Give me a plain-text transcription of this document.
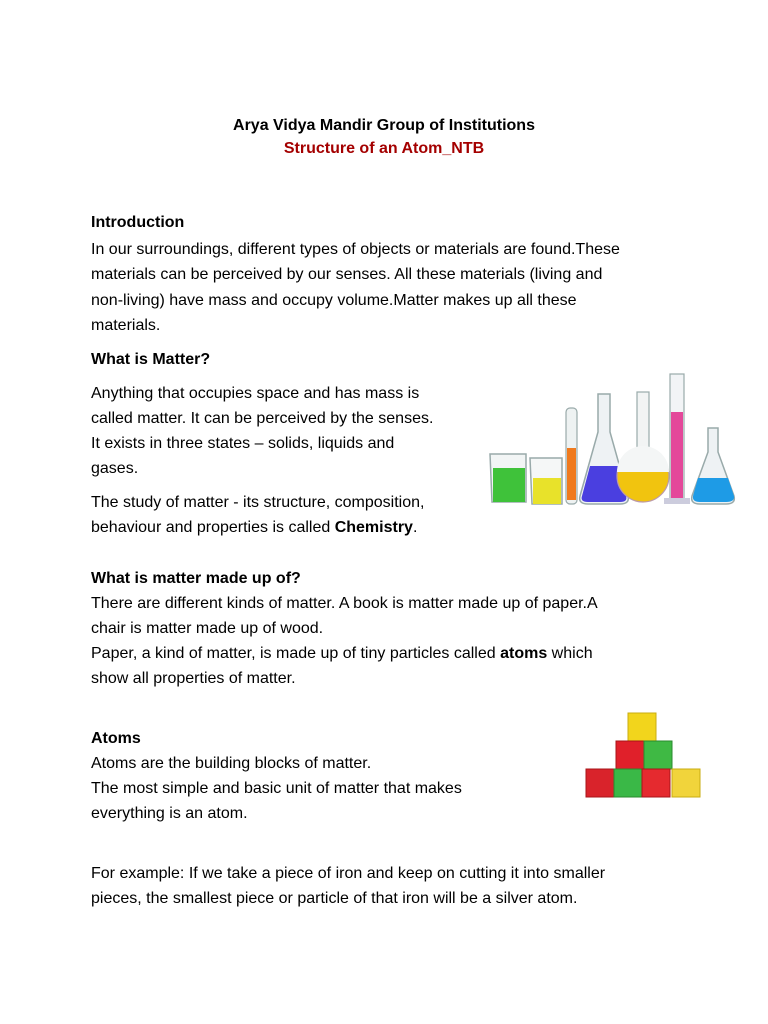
Arya Vidya Mandir Group of Institutions

Structure of an Atom_NTB

Introduction

In our surroundings, different types of objects or materials are found.These

materials can be perceived by our senses. All these materials (living and

non-living) have mass and occupy volume.Matter makes up all these

materials.

What is Matter?

Anything that occupies space and has mass is

called matter. It can be perceived by the senses.

It exists in three states – solids, liquids and

gases.

The study of matter - its structure, composition,

behaviour and properties is called Chemistry.

What is matter made up of?

There are different kinds of matter. A book is matter made up of paper.A

chair is matter made up of wood.

Paper, a kind of matter, is made up of tiny particles called atoms which

show all properties of matter.

Atoms

Atoms are the building blocks of matter.

The most simple and basic unit of matter that makes

everything is an atom.

For example: If we take a piece of iron and keep on cutting it into smaller

pieces, the smallest piece or particle of that iron will be a silver atom.
